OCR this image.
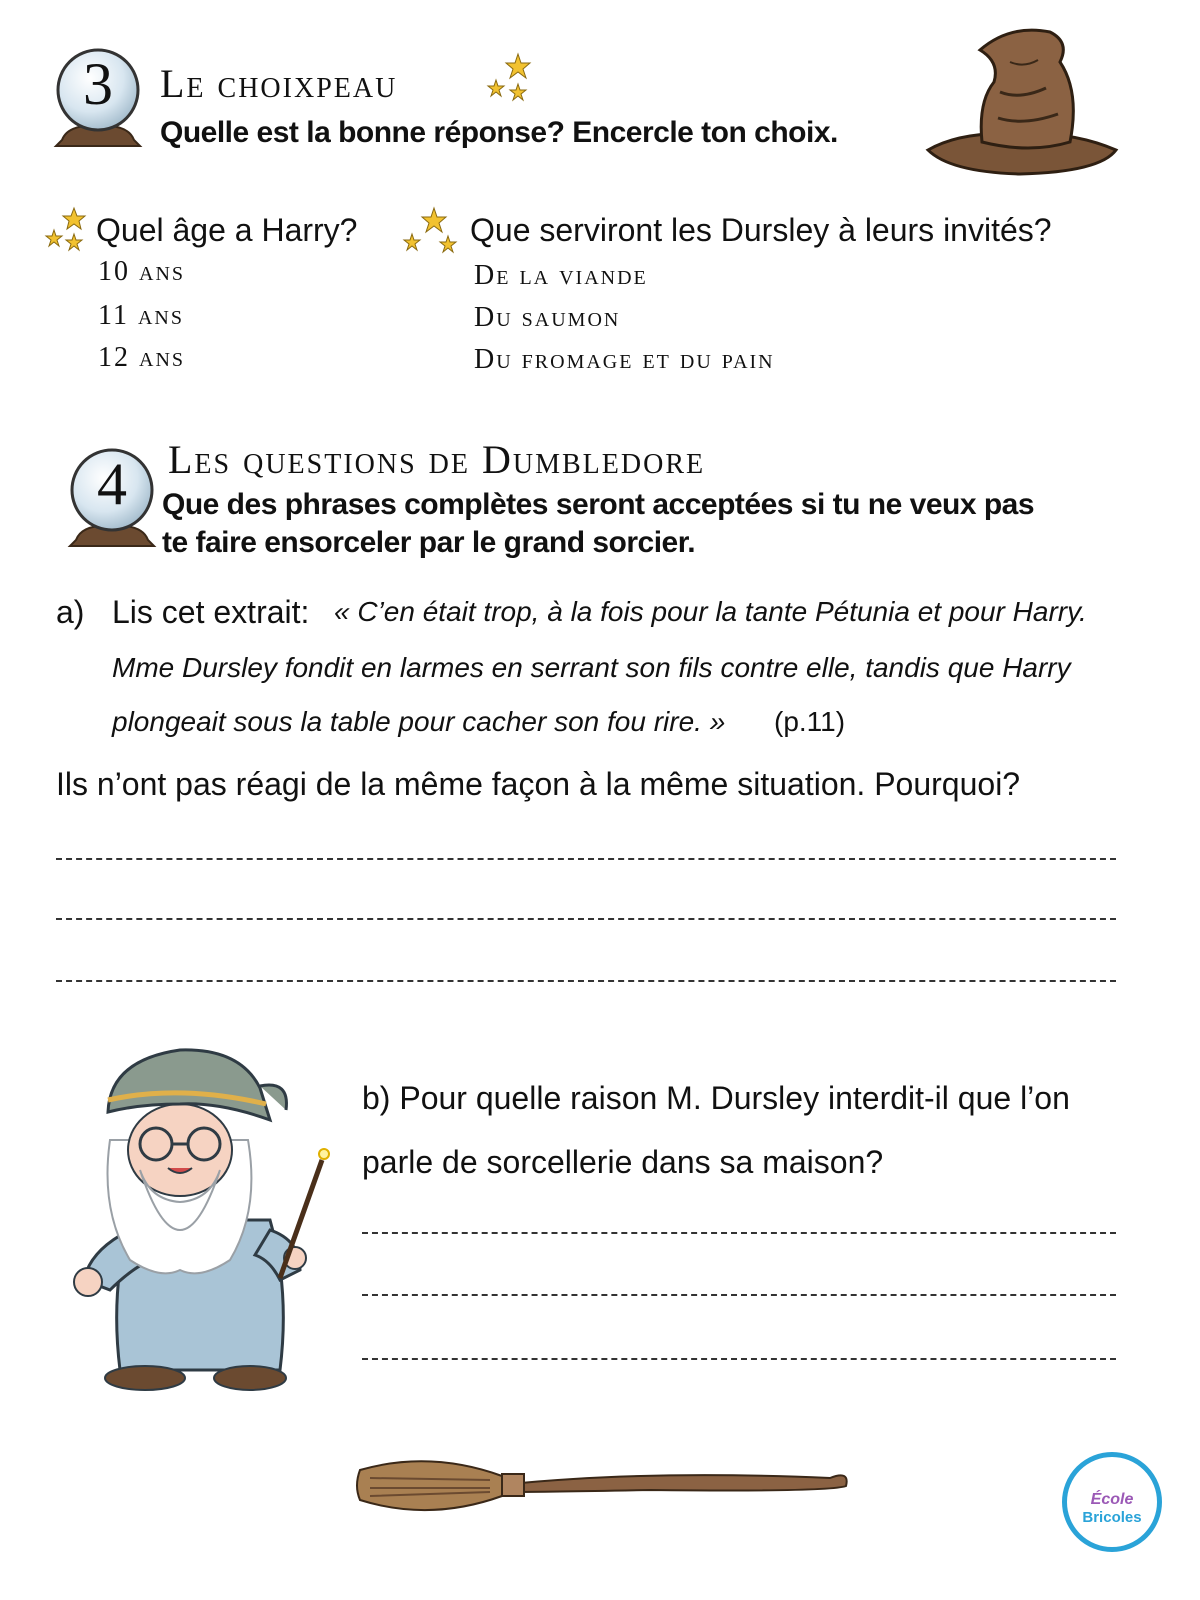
3	Le choixpeau
Quelle est la bonne réponse? Encercle ton choix.
Quel âge a Harry?
10 ans
11 ans
12 ans
Que serviront les Dursley à leurs invités?
De la viande
Du saumon
Du fromage et du pain
4	Les questions de Dumbledore
Que des phrases complètes seront acceptées si tu ne veux pas
te faire ensorceler par le grand sorcier.
a) Lis cet extrait: « C’en était trop, à la fois pour la tante Pétunia et pour Harry.
Mme Dursley fondit en larmes en serrant son fils contre elle, tandis que Harry
plongeait sous la table pour cacher son fou rire. » (p.11)
Ils n’ont pas réagi de la même façon à la même situation. Pourquoi?
b) Pour quelle raison M. Dursley interdit-il que l’on
parle de sorcellerie dans sa maison?
École
Bricoles
